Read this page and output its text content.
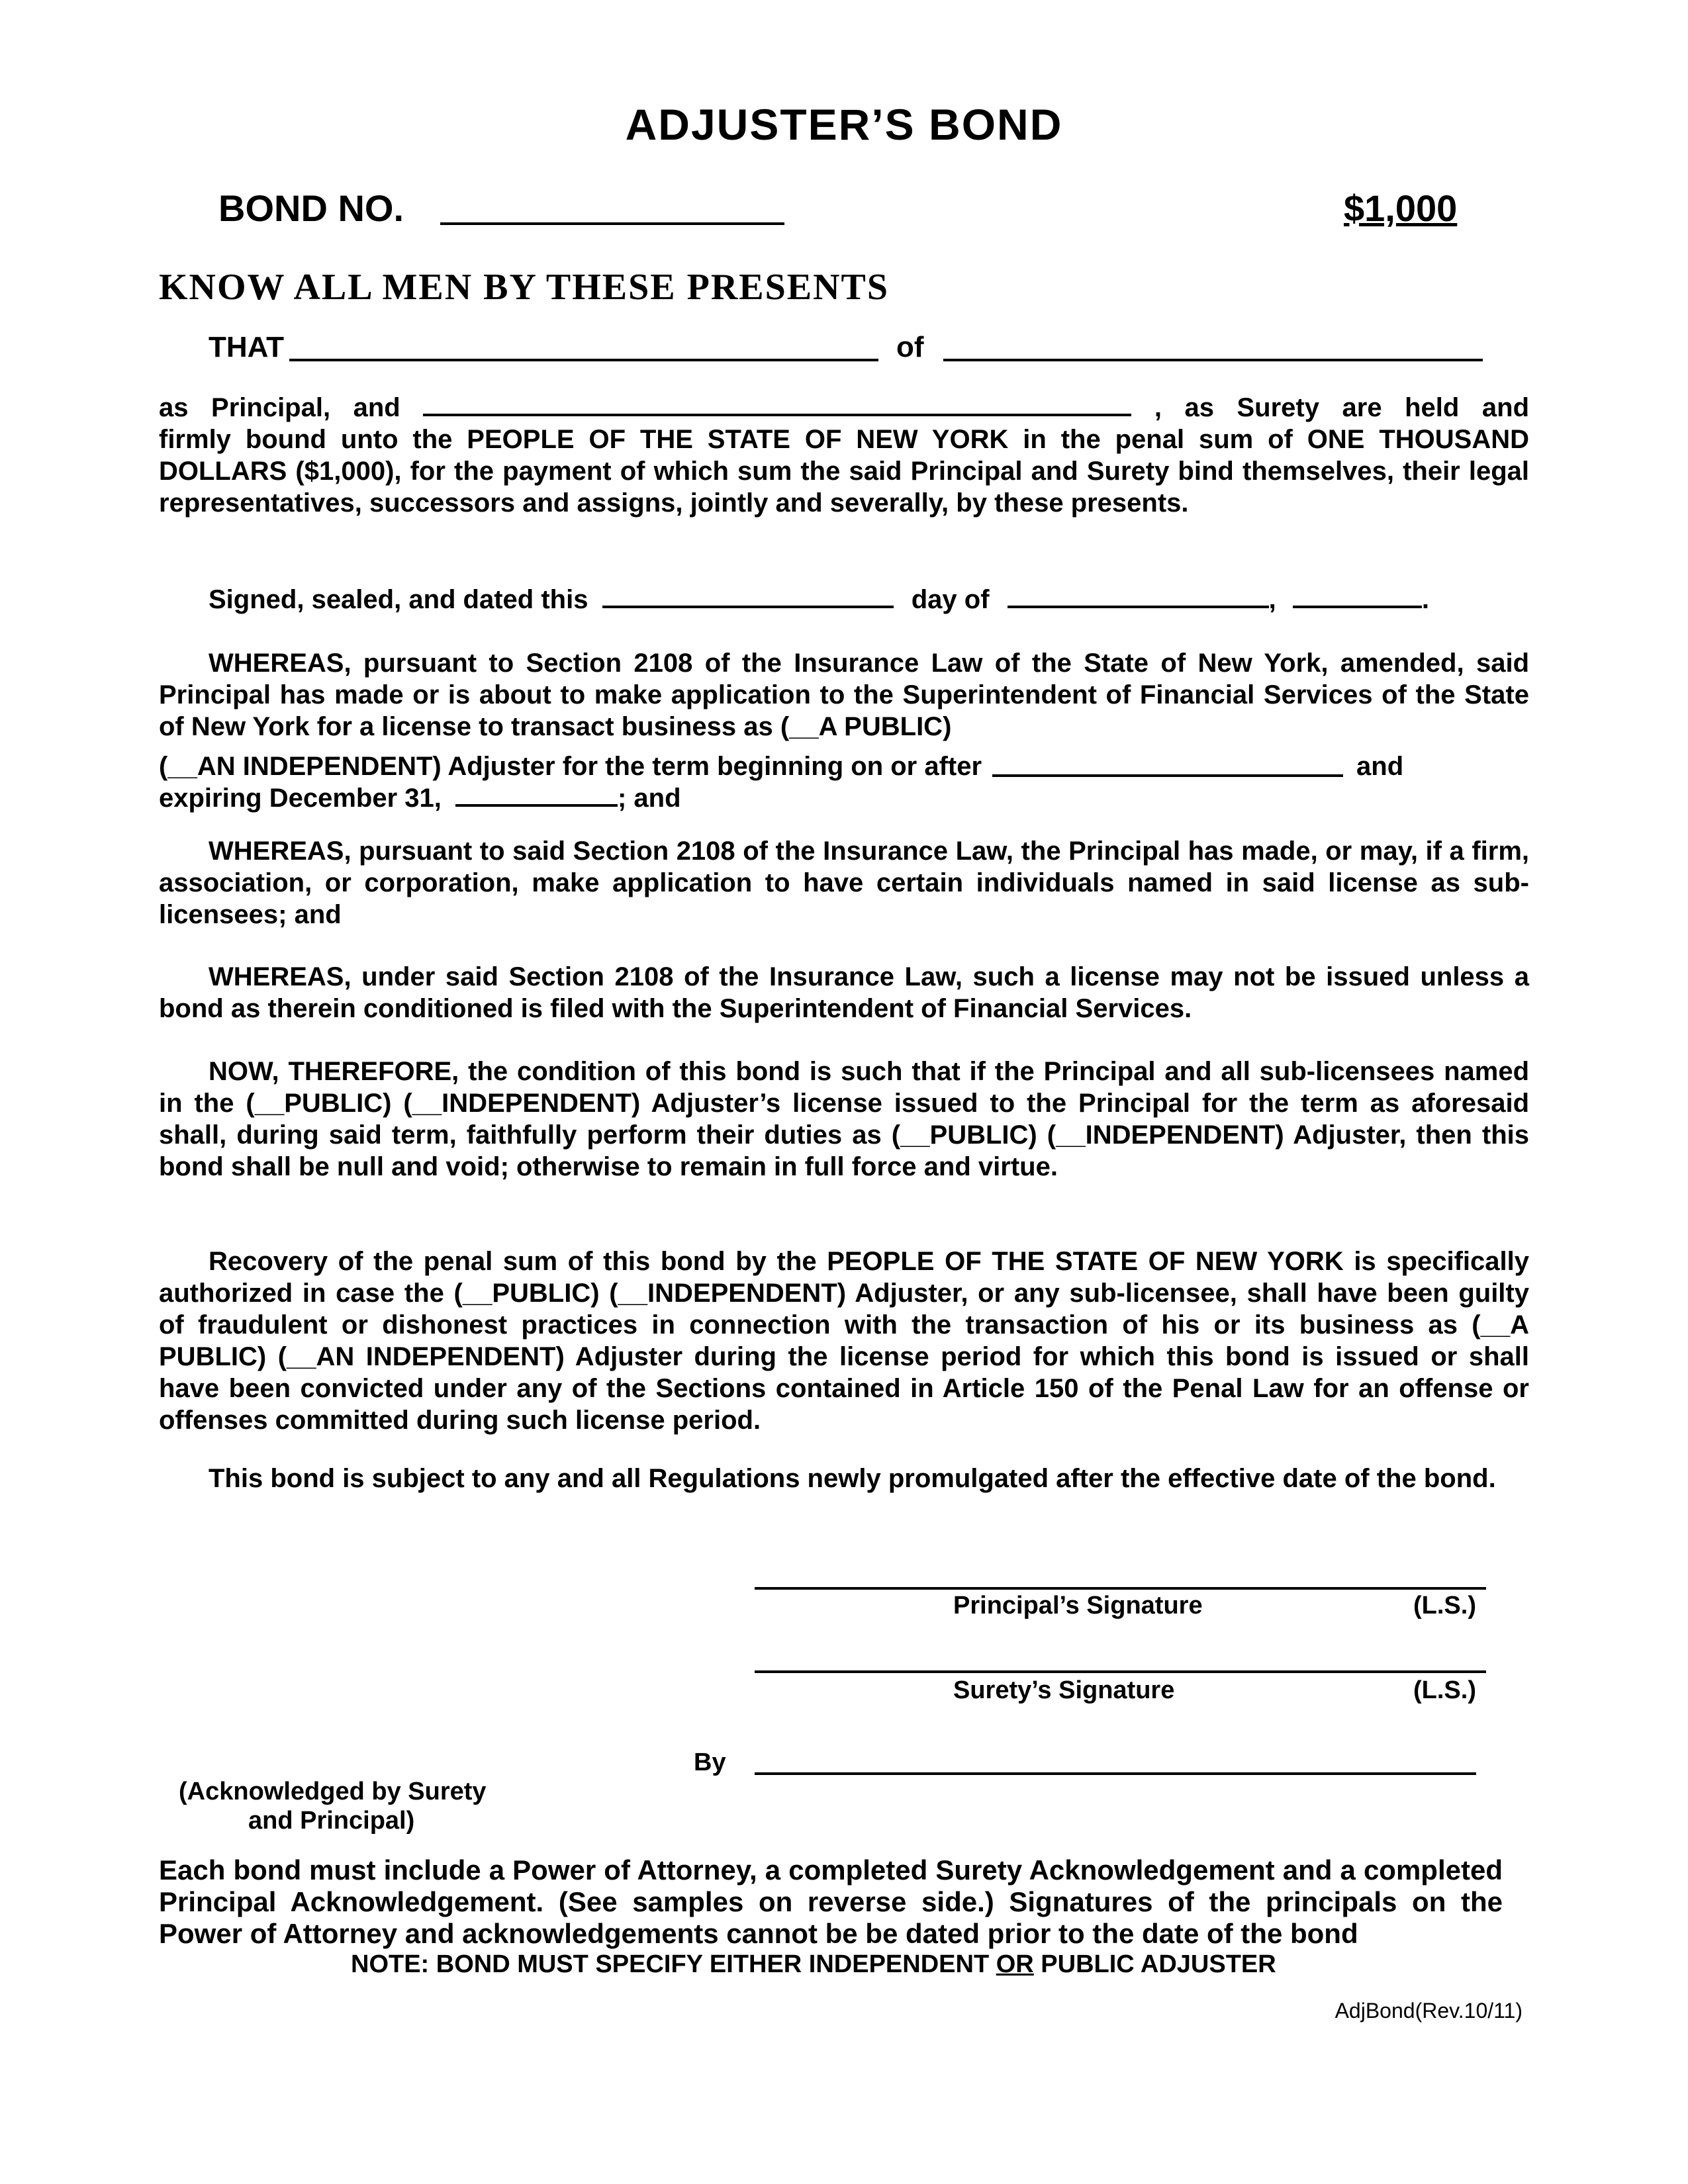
ADJUSTER’S BOND
BOND NO.	$1,000
KNOW ALL MEN BY THESE PRESENTS
THAT	of

as Principal, and	, as Surety are held and

firmly bound unto the PEOPLE OF THE STATE OF NEW YORK in the penal sum of ONE THOUSAND DOLLARS ($1,000), for the payment of which sum the said Principal and Surety bind themselves, their legal representatives, successors and assigns, jointly and severally, by these presents.

Signed, sealed, and dated this	day of	,	.

WHEREAS, pursuant to Section 2108 of the Insurance Law of the State of New York, amended, said Principal has made or is about to make application to the Superintendent of Financial Services of the State of New York for a license to transact business as (__A PUBLIC)

(__AN INDEPENDENT) Adjuster for the term beginning on or after	and

expiring December 31,	; and

WHEREAS, pursuant to said Section 2108 of the Insurance Law, the Principal has made, or may, if a firm, association, or corporation, make application to have certain individuals named in said license as sub-licensees; and
WHEREAS, under said Section 2108 of the Insurance Law, such a license may not be issued unless a bond as therein conditioned is filed with the Superintendent of Financial Services.
NOW, THEREFORE, the condition of this bond is such that if the Principal and all sub-licensees named in the (__PUBLIC) (__INDEPENDENT) Adjuster’s license issued to the Principal for the term as aforesaid shall, during said term, faithfully perform their duties as (__PUBLIC) (__INDEPENDENT) Adjuster, then this bond shall be null and void; otherwise to remain in full force and virtue.
Recovery of the penal sum of this bond by the PEOPLE OF THE STATE OF NEW YORK is specifically authorized in case the (__PUBLIC) (__INDEPENDENT) Adjuster, or any sub-licensee, shall have been guilty of fraudulent or dishonest practices in connection with the transaction of his or its business as (__A PUBLIC) (__AN INDEPENDENT) Adjuster during the license period for which this bond is issued or shall have been convicted under any of the Sections contained in Article 150 of the Penal Law for an offense or offenses committed during such license period.
This bond is subject to any and all Regulations newly promulgated after the effective date of the bond.
Principal’s Signature	(L.S.)
Surety’s Signature	(L.S.)
By
(Acknowledged by Surety
and Principal)
Each bond must include a Power of Attorney, a completed Surety Acknowledgement and a completed Principal Acknowledgement. (See samples on reverse side.) Signatures of the principals on the Power of Attorney and acknowledgements cannot be be dated prior to the date of the bond
NOTE: BOND MUST SPECIFY EITHER INDEPENDENT OR PUBLIC ADJUSTER
AdjBond(Rev.10/11)
